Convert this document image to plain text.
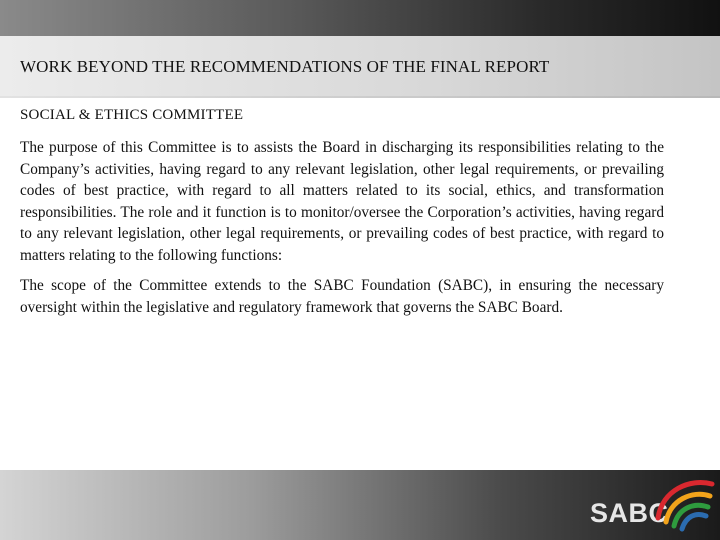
WORK BEYOND THE RECOMMENDATIONS OF THE FINAL REPORT
SOCIAL & ETHICS COMMITTEE

The purpose of this Committee is to assists the Board in discharging its responsibilities relating to the Company’s activities, having regard to any relevant legislation, other legal requirements, or prevailing codes of best practice, with regard to all matters related to its social, ethics, and transformation responsibilities. The role and it function is to monitor/oversee the Corporation’s activities, having regard to any relevant legislation, other legal requirements, or prevailing codes of best practice, with regard to matters relating to the following functions:

The scope of the Committee extends to the SABC Foundation (SABC), in ensuring the necessary oversight within the legislative and regulatory framework that governs the SABC Board.

SABC
